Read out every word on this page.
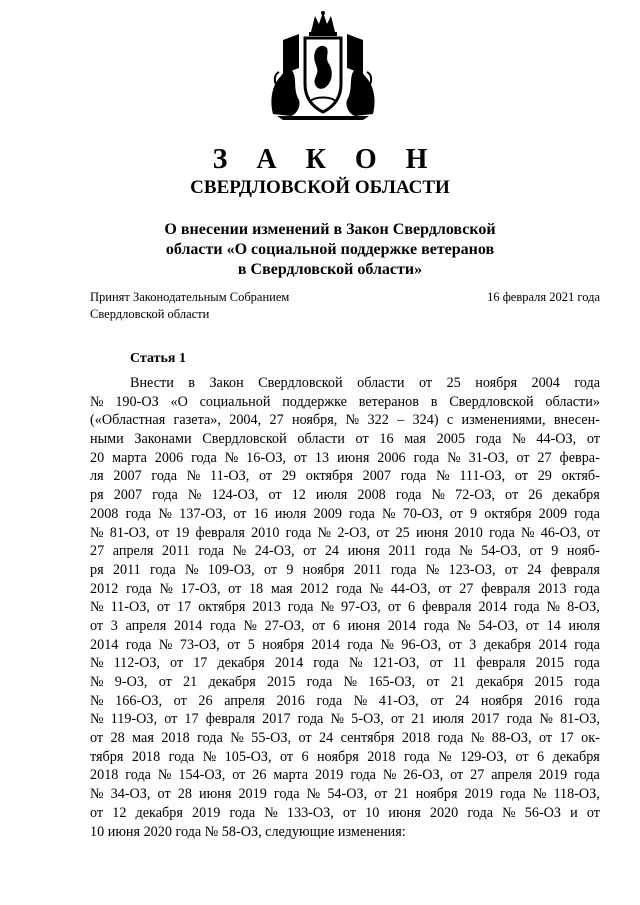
З А К О Н
СВЕРДЛОВСКОЙ ОБЛАСТИ
О внесении изменений в Закон Свердловской
области «О социальной поддержке ветеранов
в Свердловской области»
Принят Законодательным Собранием
Свердловской области
16 февраля 2021 года
Статья 1
Внести в Закон Свердловской области от 25 ноября 2004 года
№ 190-ОЗ «О социальной поддержке ветеранов в Свердловской области»
(«Областная газета», 2004, 27 ноября, № 322 – 324) с изменениями, внесен-
ными Законами Свердловской области от 16 мая 2005 года № 44-ОЗ, от
20 марта 2006 года № 16-ОЗ, от 13 июня 2006 года № 31-ОЗ, от 27 февра-
ля 2007 года № 11-ОЗ, от 29 октября 2007 года № 111-ОЗ, от 29 октяб-
ря 2007 года № 124-ОЗ, от 12 июля 2008 года № 72-ОЗ, от 26 декабря
2008 года № 137-ОЗ, от 16 июля 2009 года № 70-ОЗ, от 9 октября 2009 года
№ 81-ОЗ, от 19 февраля 2010 года № 2-ОЗ, от 25 июня 2010 года № 46-ОЗ, от
27 апреля 2011 года № 24-ОЗ, от 24 июня 2011 года № 54-ОЗ, от 9 нояб-
ря 2011 года № 109-ОЗ, от 9 ноября 2011 года № 123-ОЗ, от 24 февраля
2012 года № 17-ОЗ, от 18 мая 2012 года № 44-ОЗ, от 27 февраля 2013 года
№ 11-ОЗ, от 17 октября 2013 года № 97-ОЗ, от 6 февраля 2014 года № 8-ОЗ,
от 3 апреля 2014 года № 27-ОЗ, от 6 июня 2014 года № 54-ОЗ, от 14 июля
2014 года № 73-ОЗ, от 5 ноября 2014 года № 96-ОЗ, от 3 декабря 2014 года
№ 112-ОЗ, от 17 декабря 2014 года № 121-ОЗ, от 11 февраля 2015 года
№ 9-ОЗ, от 21 декабря 2015 года № 165-ОЗ, от 21 декабря 2015 года
№ 166-ОЗ, от 26 апреля 2016 года № 41-ОЗ, от 24 ноября 2016 года
№ 119-ОЗ, от 17 февраля 2017 года № 5-ОЗ, от 21 июля 2017 года № 81-ОЗ,
от 28 мая 2018 года № 55-ОЗ, от 24 сентября 2018 года № 88-ОЗ, от 17 ок-
тября 2018 года № 105-ОЗ, от 6 ноября 2018 года № 129-ОЗ, от 6 декабря
2018 года № 154-ОЗ, от 26 марта 2019 года № 26-ОЗ, от 27 апреля 2019 года
№ 34-ОЗ, от 28 июня 2019 года № 54-ОЗ, от 21 ноября 2019 года № 118-ОЗ,
от 12 декабря 2019 года № 133-ОЗ, от 10 июня 2020 года № 56-ОЗ и от
10 июня 2020 года № 58-ОЗ, следующие изменения:
